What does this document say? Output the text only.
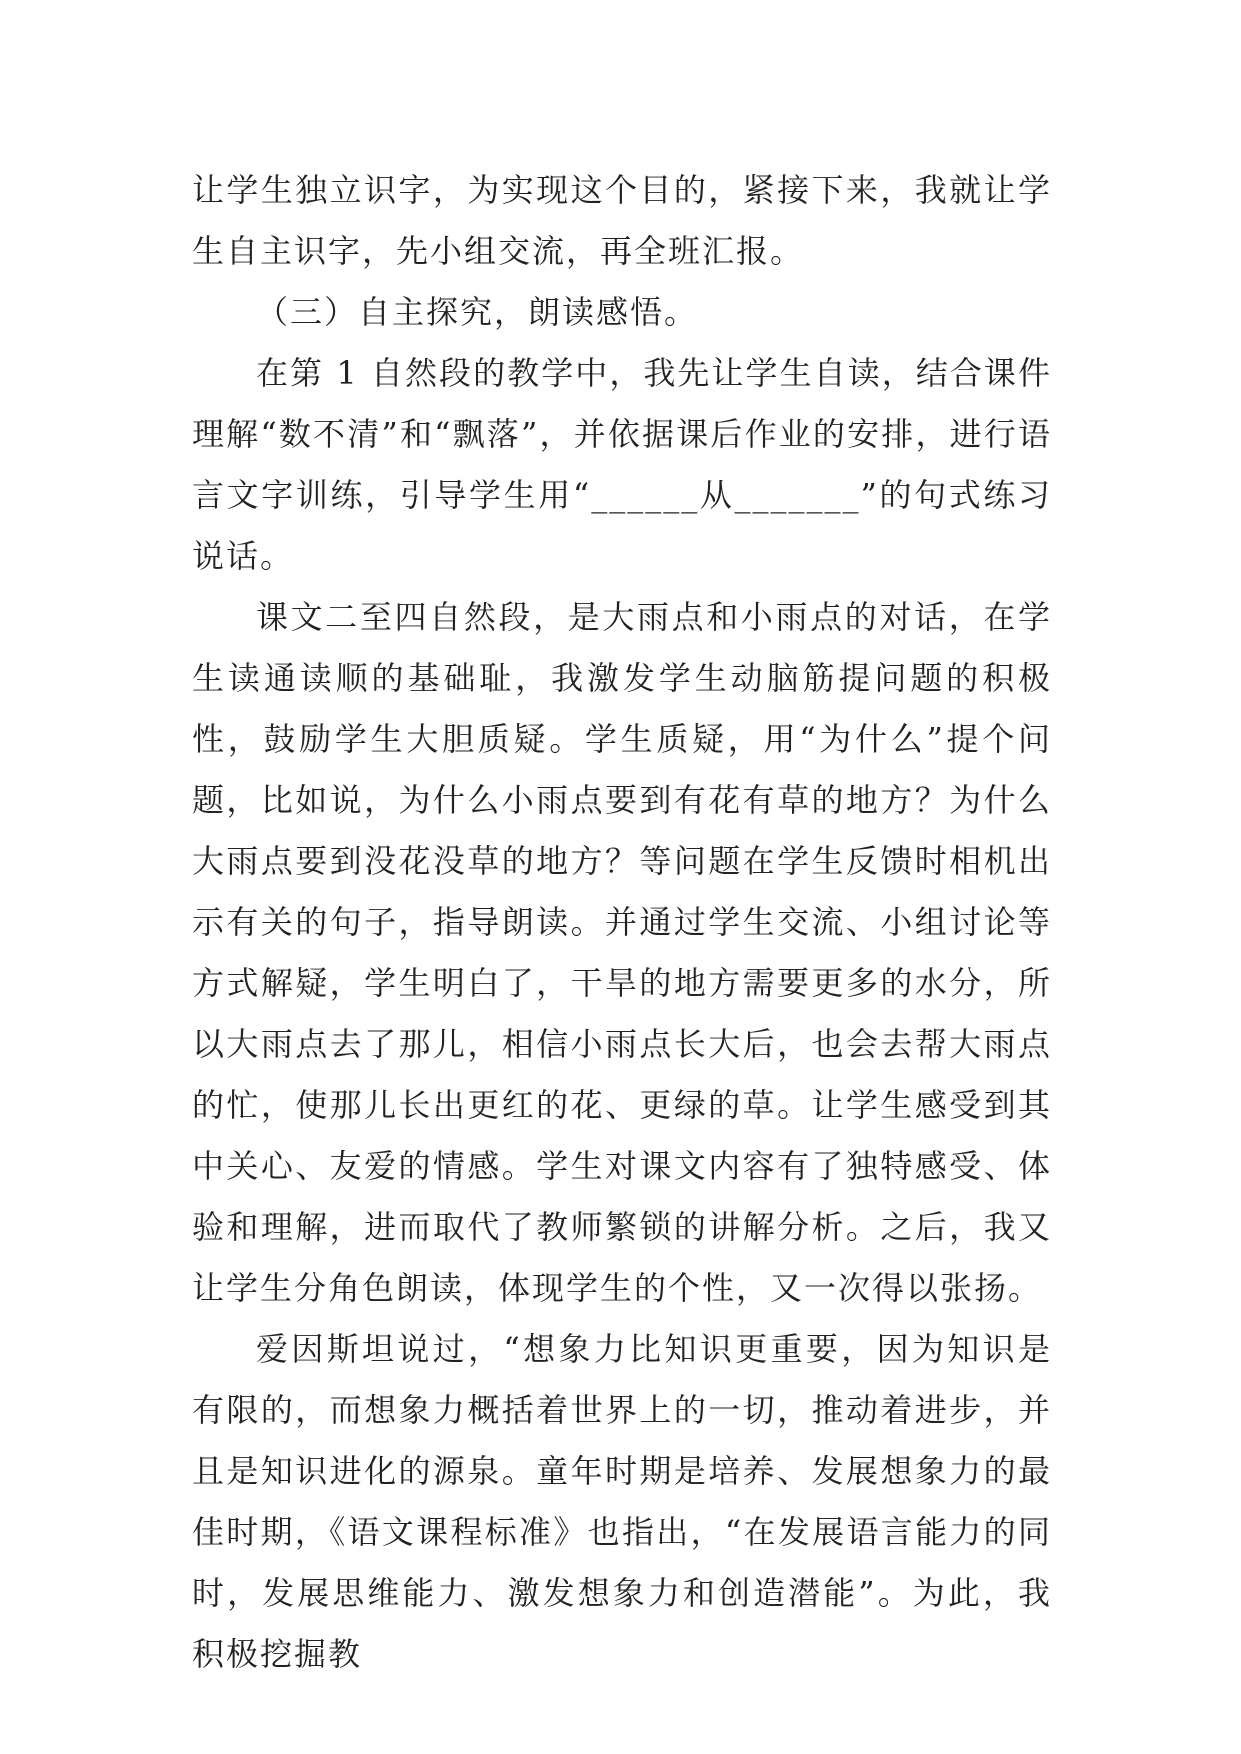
让学生独立识字，为实现这个目的，紧接下来，我就让学生自主识字，先小组交流，再全班汇报。

（三）自主探究，朗读感悟。

在第 1 自然段的教学中，我先让学生自读，结合课件理解“数不清”和“飘落”，并依据课后作业的安排，进行语言文字训练，引导学生用“______从_______”的句式练习说话。

课文二至四自然段，是大雨点和小雨点的对话，在学生读通读顺的基础耻，我激发学生动脑筋提问题的积极性，鼓励学生大胆质疑。学生质疑，用“为什么”提个问题，比如说，为什么小雨点要到有花有草的地方？为什么大雨点要到没花没草的地方？等问题在学生反馈时相机出示有关的句子，指导朗读。并通过学生交流、小组讨论等方式解疑，学生明白了，干旱的地方需要更多的水分，所以大雨点去了那儿，相信小雨点长大后，也会去帮大雨点的忙，使那儿长出更红的花、更绿的草。让学生感受到其中关心、友爱的情感。学生对课文内容有了独特感受、体验和理解，进而取代了教师繁锁的讲解分析。之后，我又让学生分角色朗读，体现学生的个性，又一次得以张扬。

爱因斯坦说过，“想象力比知识更重要，因为知识是有限的，而想象力概括着世界上的一切，推动着进步，并且是知识进化的源泉。童年时期是培养、发展想象力的最佳时期，《语文课程标准》也指出，“在发展语言能力的同时，发展思维能力、激发想象力和创造潜能”。为此，我积极挖掘教
